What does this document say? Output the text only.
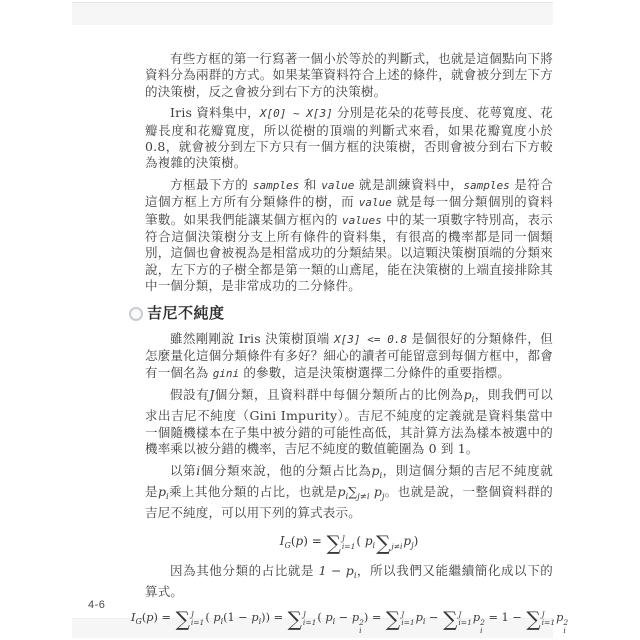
有些方框的第一行寫著一個小於等於的判斷式，也就是這個點向下將資料分為兩群的方式。如果某筆資料符合上述的條件，就會被分到左下方的決策樹，反之會被分到右下方的決策樹。

Iris 資料集中，X[0] ~ X[3] 分別是花朵的花萼長度、花萼寬度、花瓣長度和花瓣寬度，所以從樹的頂端的判斷式來看，如果花瓣寬度小於0.8，就會被分到左下方只有一個方框的決策樹，否則會被分到右下方較為複雜的決策樹。

方框最下方的 samples 和 value 就是訓練資料中，samples 是符合這個方框上方所有分類條件的樹，而 value 就是每一個分類個別的資料筆數。如果我們能讓某個方框內的 values 中的某一項數字特別高，表示符合這個決策樹分支上所有條件的資料集，有很高的機率都是同一個類別，這個也會被視為是相當成功的分類結果。以這顆決策樹頂端的分類來說，左下方的子樹全都是第一類的山鳶尾，能在決策樹的上端直接排除其中一個分類，是非常成功的二分條件。

吉尼不純度

雖然剛剛說 Iris 決策樹頂端 X[3] <= 0.8 是個很好的分類條件，但怎麼量化這個分類條件有多好？細心的讀者可能留意到每個方框中，都會有一個名為 gini 的參數，這是決策樹選擇二分條件的重要指標。

假設有J個分類，且資料群中每個分類所占的比例為$p_i$，則我們可以求出吉尼不純度（Gini Impurity）。吉尼不純度的定義就是資料集當中一個隨機樣本在子集中被分錯的可能性高低，其計算方法為樣本被選中的機率乘以被分錯的機率，吉尼不純度的數值範圍為 0 到 1。

以第i個分類來說，他的分類占比為$p_i$，則這個分類的吉尼不純度就是$p_i$乘上其他分類的占比，也就是$p_i\sum_{j\ne i}$ $p_j$。也就是說，一整個資料群的吉尼不純度，可以用下列的算式表示。

$I_G(p)$ = ∑ J
i=1 ( $p_i$ ∑ j≠i $p_j$)

因為其他分類的占比就是 $1 - p_i$，所以我們又能繼續簡化成以下的算式。

$I_G(p)$ = ∑ J
i=1 ( $p_i(1 - p_i)$) = ∑ J
i=1 ( $p_i - p$ 2
i
) = ∑ J
i=1 $p_i$ − ∑ J
i=1 p 2
i
= 1 − ∑ J
i=1 p 2
i
4-6
